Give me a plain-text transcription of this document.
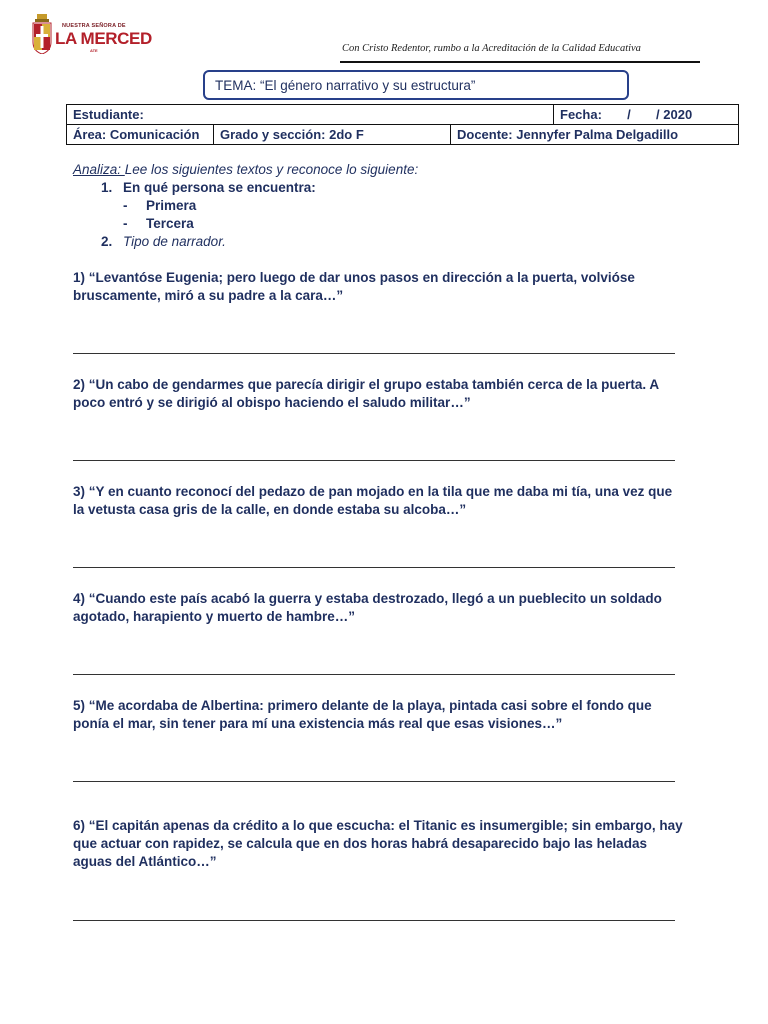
NUESTRA SEÑORA DE
LA MERCED
ATE	Con Cristo Redentor, rumbo a la Acreditación de la Calidad Educativa
TEMA: “El género narrativo y su estructura”
Estudiante:			Fecha: / / 2020
Área: Comunicación	Grado y sección: 2do F	Docente: Jennyfer Palma Delgadillo	
Analiza: Lee los siguientes textos y reconoce lo siguiente:
1. En qué persona se encuentra:
- Primera
- Tercera
2. Tipo de narrador.
1) “Levantóse Eugenia; pero luego de dar unos pasos en dirección a la puerta, volvióse bruscamente, miró a su padre a la cara…”
2) “Un cabo de gendarmes que parecía dirigir el grupo estaba también cerca de la puerta. A poco entró y se dirigió al obispo haciendo el saludo militar…”
3) “Y en cuanto reconocí del pedazo de pan mojado en la tila que me daba mi tía, una vez que la vetusta casa gris de la calle, en donde estaba su alcoba…”
4) “Cuando este país acabó la guerra y estaba destrozado, llegó a un pueblecito un soldado agotado, harapiento y muerto de hambre…”
5) “Me acordaba de Albertina: primero delante de la playa, pintada casi sobre el fondo que ponía el mar, sin tener para mí una existencia más real que esas visiones…”
6) “El capitán apenas da crédito a lo que escucha: el Titanic es insumergible; sin embargo, hay que actuar con rapidez, se calcula que en dos horas habrá desaparecido bajo las heladas aguas del Atlántico…”
